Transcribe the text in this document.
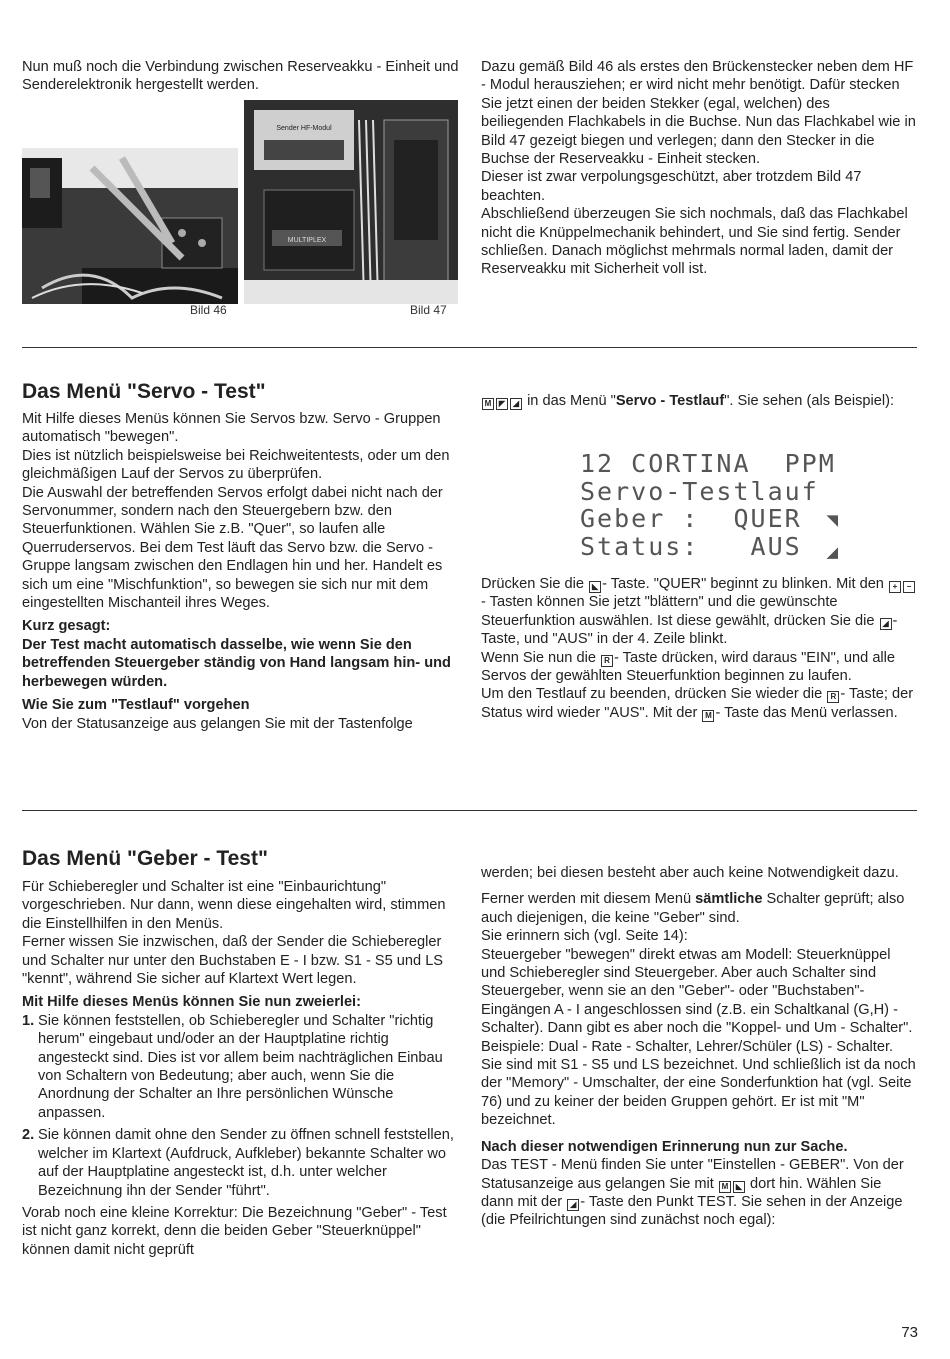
Nun muß noch die Verbindung zwischen Reserveakku - Einheit und Senderelektronik hergestellt werden.

Bild 46
Sender HF-Modul
MULTIPLEX
Bild 47

Dazu gemäß Bild 46 als erstes den Brückenstecker neben dem HF - Modul herausziehen; er wird nicht mehr benötigt. Dafür stecken Sie jetzt einen der beiden Stekker (egal, welchen) des beiliegenden Flachkabels in die Buchse. Nun das Flachkabel wie in Bild 47 gezeigt biegen und verlegen; dann den Stecker in die Buchse der Reserveakku - Einheit stecken.

Dieser ist zwar verpolungsgeschützt, aber trotzdem Bild 47 beachten.

Abschließend überzeugen Sie sich nochmals, daß das Flachkabel nicht die Knüppelmechanik behindert, und Sie sind fertig. Sender schließen. Danach möglichst mehrmals normal laden, damit der Reserveakku mit Sicherheit voll ist.

Das Menü "Servo - Test"

Mit Hilfe dieses Menüs können Sie Servos bzw. Servo - Gruppen automatisch "bewegen".

Dies ist nützlich beispielsweise bei Reichweitentests, oder um den gleichmäßigen Lauf der Servos zu überprüfen.

Die Auswahl der betreffenden Servos erfolgt dabei nicht nach der Servonummer, sondern nach den Steuergebern bzw. den Steuerfunktionen. Wählen Sie z.B. "Quer", so laufen alle Querruderservos. Bei dem Test läuft das Servo bzw. die Servo - Gruppe langsam zwischen den Endlagen hin und her. Handelt es sich um eine "Mischfunktion", so bewegen sie sich nur mit dem eingestellten Mischanteil ihres Weges.

Kurz gesagt:

Der Test macht automatisch dasselbe, wie wenn Sie den betreffenden Steuergeber ständig von Hand langsam hin- und herbewegen würden.

Wie Sie zum "Testlauf" vorgehen

Von der Statusanzeige aus gelangen Sie mit der Tastenfolge

M ◤ ◢ in das Menü "Servo - Testlauf". Sie sehen (als Beispiel):

12 CORTINA  PPM
Servo-Testlauf
Geber :  QUER ◥
Status:   AUS ◢

Drücken Sie die ◣ - Taste. "QUER" beginnt zu blinken. Mit den + −- Tasten können Sie jetzt "blättern" und die gewünschte Steuerfunktion auswählen. Ist diese gewählt, drücken Sie die ◢ - Taste, und "AUS" in der 4. Zeile blinkt.

Wenn Sie nun die R - Taste drücken, wird daraus "EIN", und alle Servos der gewählten Steuerfunktion beginnen zu laufen.

Um den Testlauf zu beenden, drücken Sie wieder die R - Taste; der Status wird wieder "AUS". Mit der M - Taste das Menü verlassen.

Das Menü "Geber - Test"

Für Schieberegler und Schalter ist eine "Einbaurichtung" vorgeschrieben. Nur dann, wenn diese eingehalten wird, stimmen die Einstellhilfen in den Menüs.

Ferner wissen Sie inzwischen, daß der Sender die Schieberegler und Schalter nur unter den Buchstaben E - I bzw. S1 - S5 und LS "kennt", während Sie sicher auf Klartext Wert legen.

Mit Hilfe dieses Menüs können Sie nun zweierlei:

1. Sie können feststellen, ob Schieberegler und Schalter "richtig herum" eingebaut und/oder an der Hauptplatine richtig angesteckt sind. Dies ist vor allem beim nachträglichen Einbau von Schaltern von Bedeutung; aber auch, wenn Sie die Anordnung der Schalter an Ihre persönlichen Wünsche anpassen.
2. Sie können damit ohne den Sender zu öffnen schnell feststellen, welcher im Klartext (Aufdruck, Aufkleber) bekannte Schalter wo auf der Hauptplatine angesteckt ist, d.h. unter welcher Bezeichnung ihn der Sender "führt".

Vorab noch eine kleine Korrektur: Die Bezeichnung "Geber" - Test ist nicht ganz korrekt, denn die beiden Geber "Steuerknüppel" können damit nicht geprüft

werden; bei diesen besteht aber auch keine Notwendigkeit dazu.

Ferner werden mit diesem Menü sämtliche Schalter geprüft; also auch diejenigen, die keine "Geber" sind.

Sie erinnern sich (vgl. Seite 14):

Steuergeber "bewegen" direkt etwas am Modell: Steuerknüppel und Schieberegler sind Steuergeber. Aber auch Schalter sind Steuergeber, wenn sie an den "Geber"- oder "Buchstaben"- Eingängen A - I angeschlossen sind (z.B. ein Schaltkanal (G,H) - Schalter). Dann gibt es aber noch die "Koppel- und Um - Schalter". Beispiele: Dual - Rate - Schalter, Lehrer/Schüler (LS) - Schalter. Sie sind mit S1 - S5 und LS bezeichnet. Und schließlich ist da noch der "Memory" - Umschalter, der eine Sonderfunktion hat (vgl. Seite 76) und zu keiner der beiden Gruppen gehört. Er ist mit "M" bezeichnet.

Nach dieser notwendigen Erinnerung nun zur Sache.

Das TEST - Menü finden Sie unter "Einstellen - GEBER". Von der Statusanzeige aus gelangen Sie mit M ◣ dort hin. Wählen Sie dann mit der ◢ - Taste den Punkt TEST. Sie sehen in der Anzeige (die Pfeilrichtungen sind zunächst noch egal):

73
